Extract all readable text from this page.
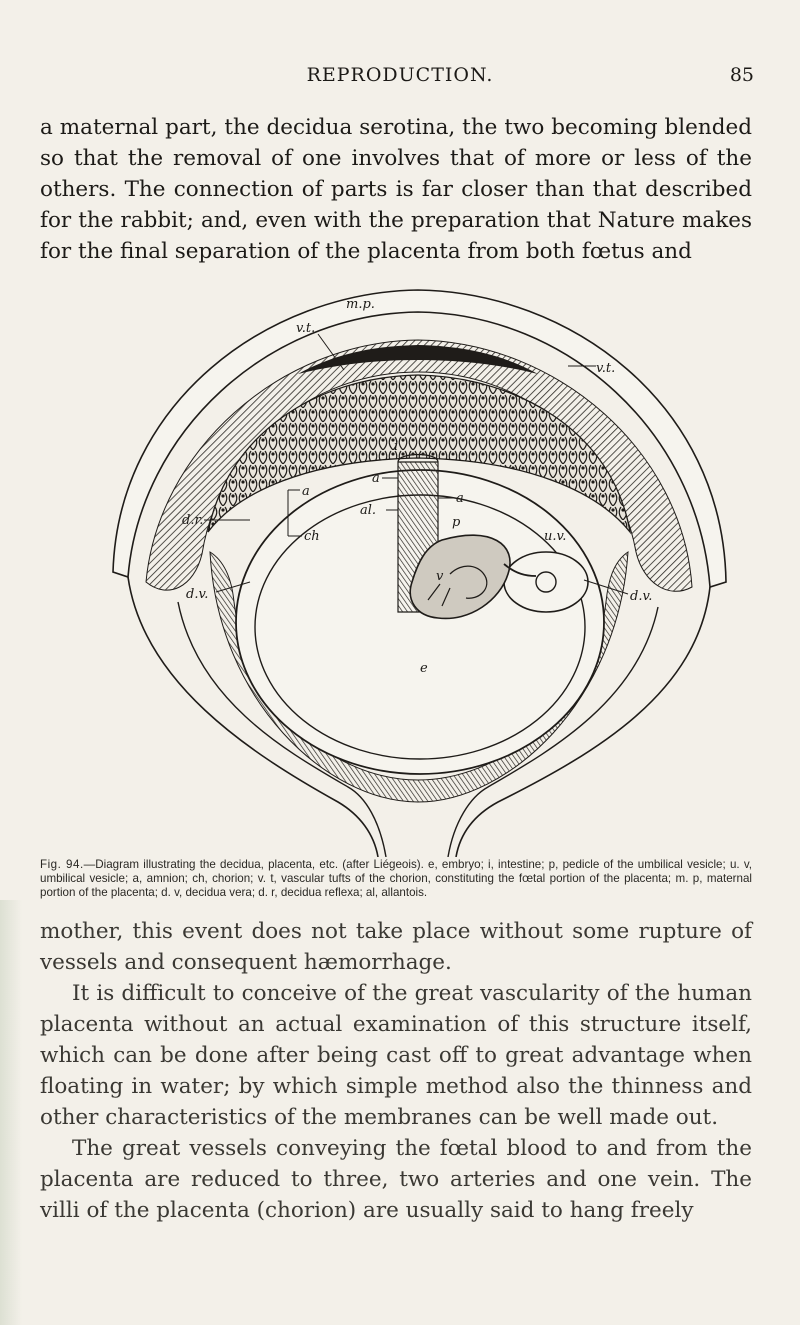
REPRODUCTION.	85

a maternal part, the decidua serotina, the two becoming blended so that the removal of one involves that of more or less of the others. The connection of parts is far closer than that described for the rabbit; and, even with the preparation that Nature makes for the final separation of the placenta from both fœtus and

m.p.
v.t.
v.t.
i
a
a
a
d.r.
ch
al.
p
u.v.
v
d.v.	d.v.
e

Fig. 94.—Diagram illustrating the decidua, placenta, etc. (after Liégeois). e, embryo; i, intestine; p, pedicle of the umbilical vesicle; u. v, umbilical vesicle; a, amnion; ch, chorion; v. t, vascular tufts of the chorion, constituting the fœtal portion of the placenta; m. p, maternal portion of the placenta; d. v, decidua vera; d. r, decidua reflexa; al, allantois.

mother, this event does not take place without some rupture of vessels and consequent hæmorrhage.

It is difficult to conceive of the great vascularity of the human placenta without an actual examination of this structure itself, which can be done after being cast off to great advantage when floating in water; by which simple method also the thinness and other characteristics of the membranes can be well made out.

The great vessels conveying the fœtal blood to and from the placenta are reduced to three, two arteries and one vein. The villi of the placenta (chorion) are usually said to hang freely
